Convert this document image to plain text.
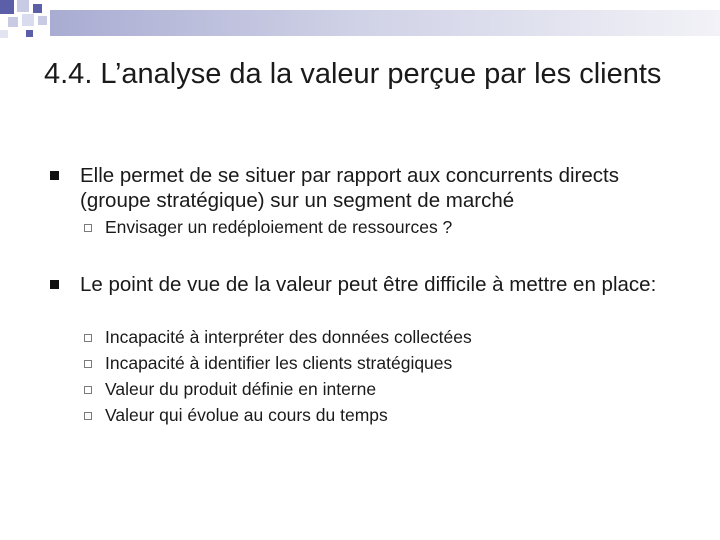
4.4. L’analyse da la valeur perçue par les clients
Elle permet de se situer par rapport aux concurrents directs (groupe stratégique) sur un segment de marché
Envisager un redéploiement de ressources ?
Le point de vue de la valeur peut être difficile à mettre en place:
Incapacité à interpréter des données collectées
Incapacité à identifier les clients stratégiques
Valeur du produit définie en interne
Valeur qui évolue au cours du temps
